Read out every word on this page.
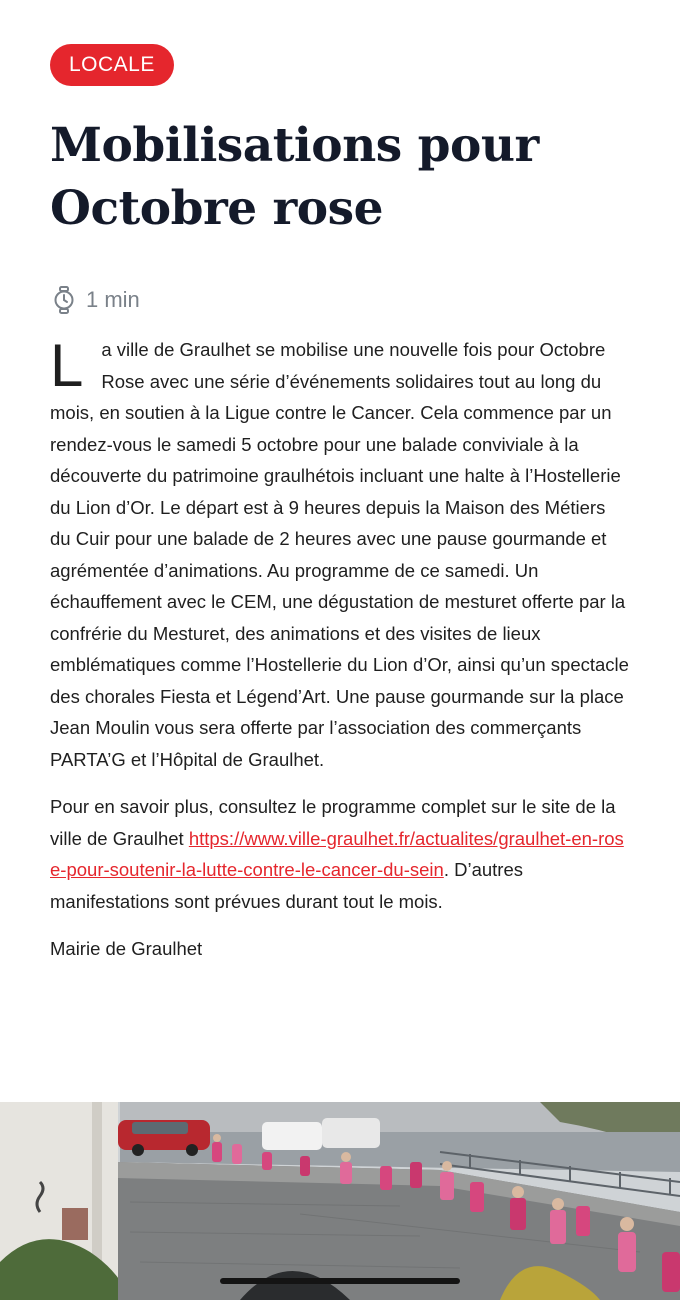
LOCALE
Mobilisations pour Octobre rose
1 min

La ville de Graulhet se mobilise une nouvelle fois pour Octobre Rose avec une série d’événements solidaires tout au long du mois, en soutien à la Ligue contre le Cancer. Cela commence par un rendez-vous le samedi 5 octobre pour une balade conviviale à la découverte du patrimoine graulhétois incluant une halte à l’Hostellerie du Lion d’Or. Le départ est à 9 heures depuis la Maison des Métiers du Cuir pour une balade de 2 heures avec une pause gourmande et agrémentée d’animations. Au programme de ce samedi. Un échauffement avec le CEM, une dégustation de mesturet offerte par la confrérie du Mesturet, des animations et des visites de lieux emblématiques comme l’Hostellerie du Lion d’Or, ainsi qu’un spectacle des chorales Fiesta et Légend’Art. Une pause gourmande sur la place Jean Moulin vous sera offerte par l’association des commerçants PARTA’G et l’Hôpital de Graulhet.

Pour en savoir plus, consultez le programme complet sur le site de la ville de Graulhet https://www.ville-graulhet.fr/actualites/graulhet-en-rose-pour-soutenir-la-lutte-contre-le-cancer-du-sein. D’autres manifestations sont prévues durant tout le mois.

Mairie de Graulhet
